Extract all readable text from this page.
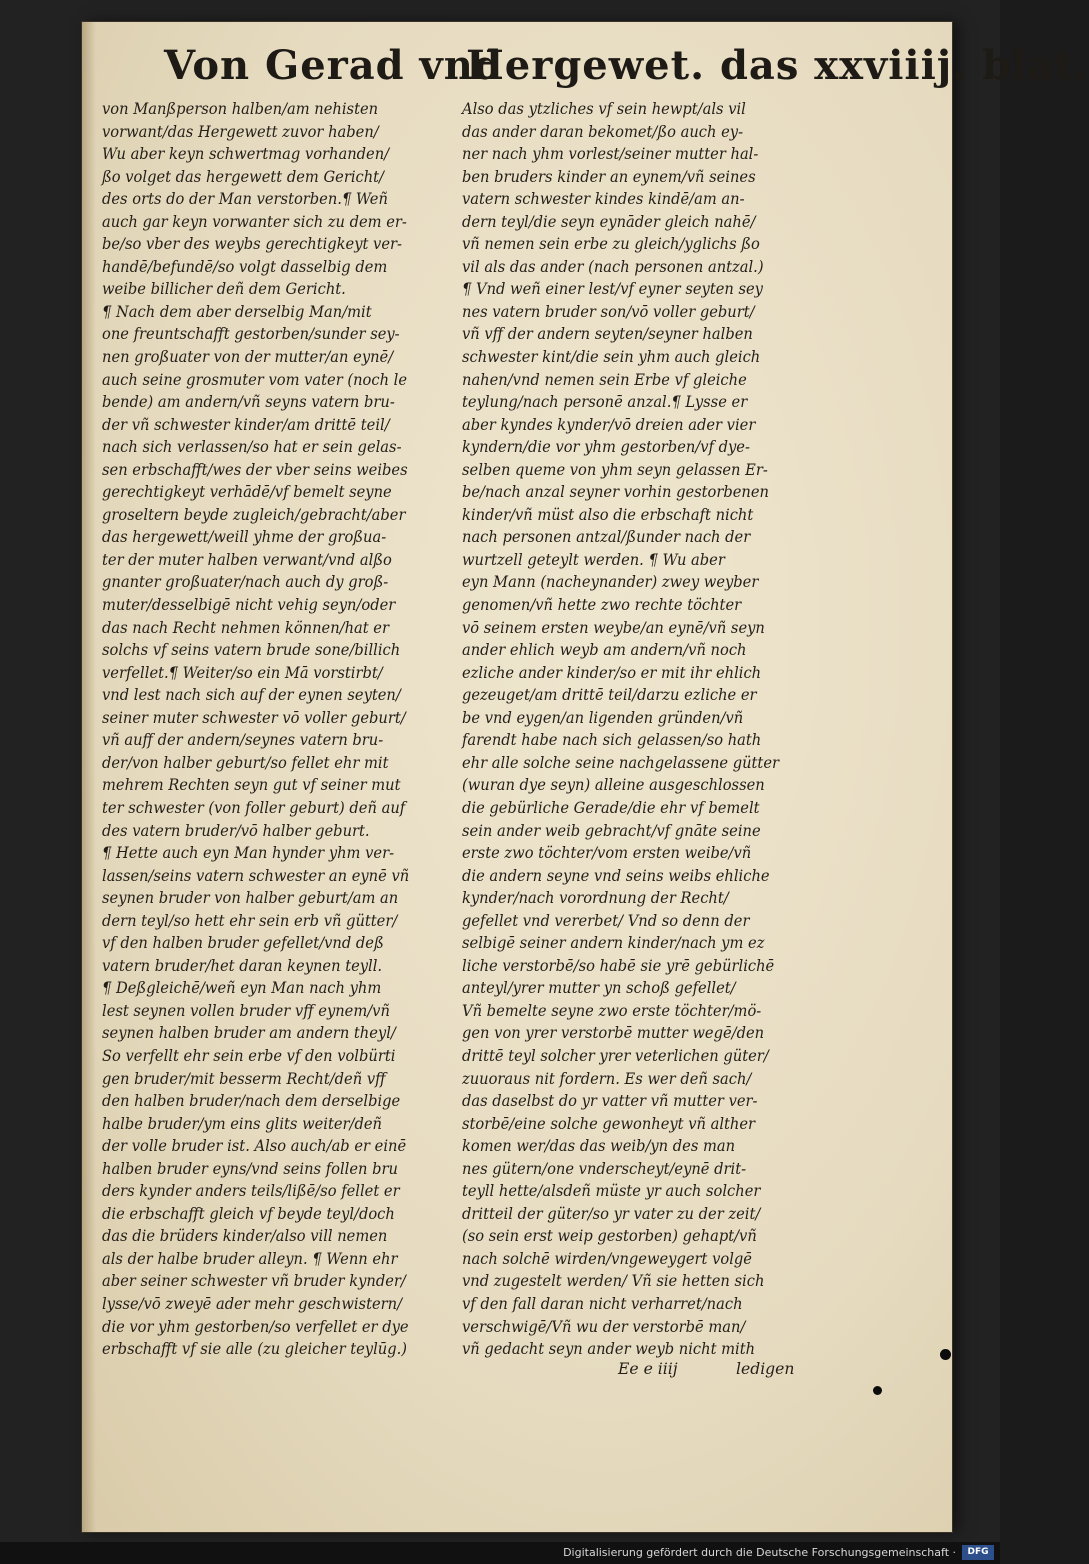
Von Gerad vnd
Hergewet. das xxviiij. blat.
von Manßperson halben/am nehisten
vorwant/das Hergewett zuvor haben/
Wu aber keyn schwertmag vorhanden/
ßo volget das hergewett dem Gericht/
des orts do der Man verstorben.¶ Weñ
auch gar keyn vorwanter sich zu dem er-
be/so vber des weybs gerechtigkeyt ver-
handē/befundē/so volgt dasselbig dem
weibe billicher deñ dem Gericht.
¶ Nach dem aber derselbig Man/mit
one freuntschafft gestorben/sunder sey-
nen großuater von der mutter/an eynē/
auch seine grosmuter vom vater (noch le
bende) am andern/vñ seyns vatern bru-
der vñ schwester kinder/am drittē teil/
nach sich verlassen/so hat er sein gelas-
sen erbschafft/wes der vber seins weibes
gerechtigkeyt verhādē/vf bemelt seyne
groseltern beyde zugleich/gebracht/aber
das hergewett/weill yhme der großua-
ter der muter halben verwant/vnd alßo
gnanter großuater/nach auch dy groß-
muter/desselbigē nicht vehig seyn/oder
das nach Recht nehmen können/hat er
solchs vf seins vatern brude sone/billich
verfellet.¶ Weiter/so ein Mā vorstirbt/
vnd lest nach sich auf der eynen seyten/
seiner muter schwester vō voller geburt/
vñ auff der andern/seynes vatern bru-
der/von halber geburt/so fellet ehr mit
mehrem Rechten seyn gut vf seiner mut
ter schwester (von foller geburt) deñ auf
des vatern bruder/vō halber geburt.
¶ Hette auch eyn Man hynder yhm ver-
lassen/seins vatern schwester an eynē vñ
seynen bruder von halber geburt/am an
dern teyl/so hett ehr sein erb vñ gütter/
vf den halben bruder gefellet/vnd deß
vatern bruder/het daran keynen teyll.
¶ Deßgleichē/weñ eyn Man nach yhm
lest seynen vollen bruder vff eynem/vñ
seynen halben bruder am andern theyl/
So verfellt ehr sein erbe vf den volbürti
gen bruder/mit besserm Recht/deñ vff
den halben bruder/nach dem derselbige
halbe bruder/ym eins glits weiter/deñ
der volle bruder ist. Also auch/ab er einē
halben bruder eyns/vnd seins follen bru
ders kynder anders teils/lißē/so fellet er
die erbschafft gleich vf beyde teyl/doch
das die brüders kinder/also vill nemen
als der halbe bruder alleyn. ¶ Wenn ehr
aber seiner schwester vñ bruder kynder/
lysse/vō zweyē ader mehr geschwistern/
die vor yhm gestorben/so verfellet er dye
erbschafft vf sie alle (zu gleicher teylūg.)
Also das ytzliches vf sein hewpt/als vil
das ander daran bekomet/ßo auch ey-
ner nach yhm vorlest/seiner mutter hal-
ben bruders kinder an eynem/vñ seines
vatern schwester kindes kindē/am an-
dern teyl/die seyn eynāder gleich nahē/
vñ nemen sein erbe zu gleich/yglichs ßo
vil als das ander (nach personen antzal.)
¶ Vnd weñ einer lest/vf eyner seyten sey
nes vatern bruder son/vō voller geburt/
vñ vff der andern seyten/seyner halben
schwester kint/die sein yhm auch gleich
nahen/vnd nemen sein Erbe vf gleiche
teylung/nach personē anzal.¶ Lysse er
aber kyndes kynder/vō dreien ader vier
kyndern/die vor yhm gestorben/vf dye-
selben queme von yhm seyn gelassen Er-
be/nach anzal seyner vorhin gestorbenen
kinder/vñ müst also die erbschaft nicht
nach personen antzal/ßunder nach der
wurtzell geteylt werden. ¶ Wu aber
eyn Mann (nacheynander) zwey weyber
genomen/vñ hette zwo rechte töchter
vō seinem ersten weybe/an eynē/vñ seyn
ander ehlich weyb am andern/vñ noch
ezliche ander kinder/so er mit ihr ehlich
gezeuget/am drittē teil/darzu ezliche er
be vnd eygen/an ligenden gründen/vñ
farendt habe nach sich gelassen/so hath
ehr alle solche seine nachgelassene gütter
(wuran dye seyn) alleine ausgeschlossen
die gebürliche Gerade/die ehr vf bemelt
sein ander weib gebracht/vf gnāte seine
erste zwo töchter/vom ersten weibe/vñ
die andern seyne vnd seins weibs ehliche
kynder/nach vorordnung der Recht/
gefellet vnd vererbet/ Vnd so denn der
selbigē seiner andern kinder/nach ym ez
liche verstorbē/so habē sie yrē gebürlichē
anteyl/yrer mutter yn schoß gefellet/
Vñ bemelte seyne zwo erste töchter/mö-
gen von yrer verstorbē mutter wegē/den
drittē teyl solcher yrer veterlichen güter/
zuuoraus nit fordern. Es wer deñ sach/
das daselbst do yr vatter vñ mutter ver-
storbē/eine solche gewonheyt vñ alther
komen wer/das das weib/yn des man
nes gütern/one vnderscheyt/eynē drit-
teyll hette/alsdeñ müste yr auch solcher
dritteil der güter/so yr vater zu der zeit/
(so sein erst weip gestorben) gehapt/vñ
nach solchē wirden/vngeweygert volgē
vnd zugestelt werden/ Vñ sie hetten sich
vf den fall daran nicht verharret/nach
verschwigē/Vñ wu der verstorbē man/
vñ gedacht seyn ander weyb nicht mith
Ee e iiij	ledigen
Digitalisierung gefördert durch die Deutsche Forschungsgemeinschaft ·	DFG
